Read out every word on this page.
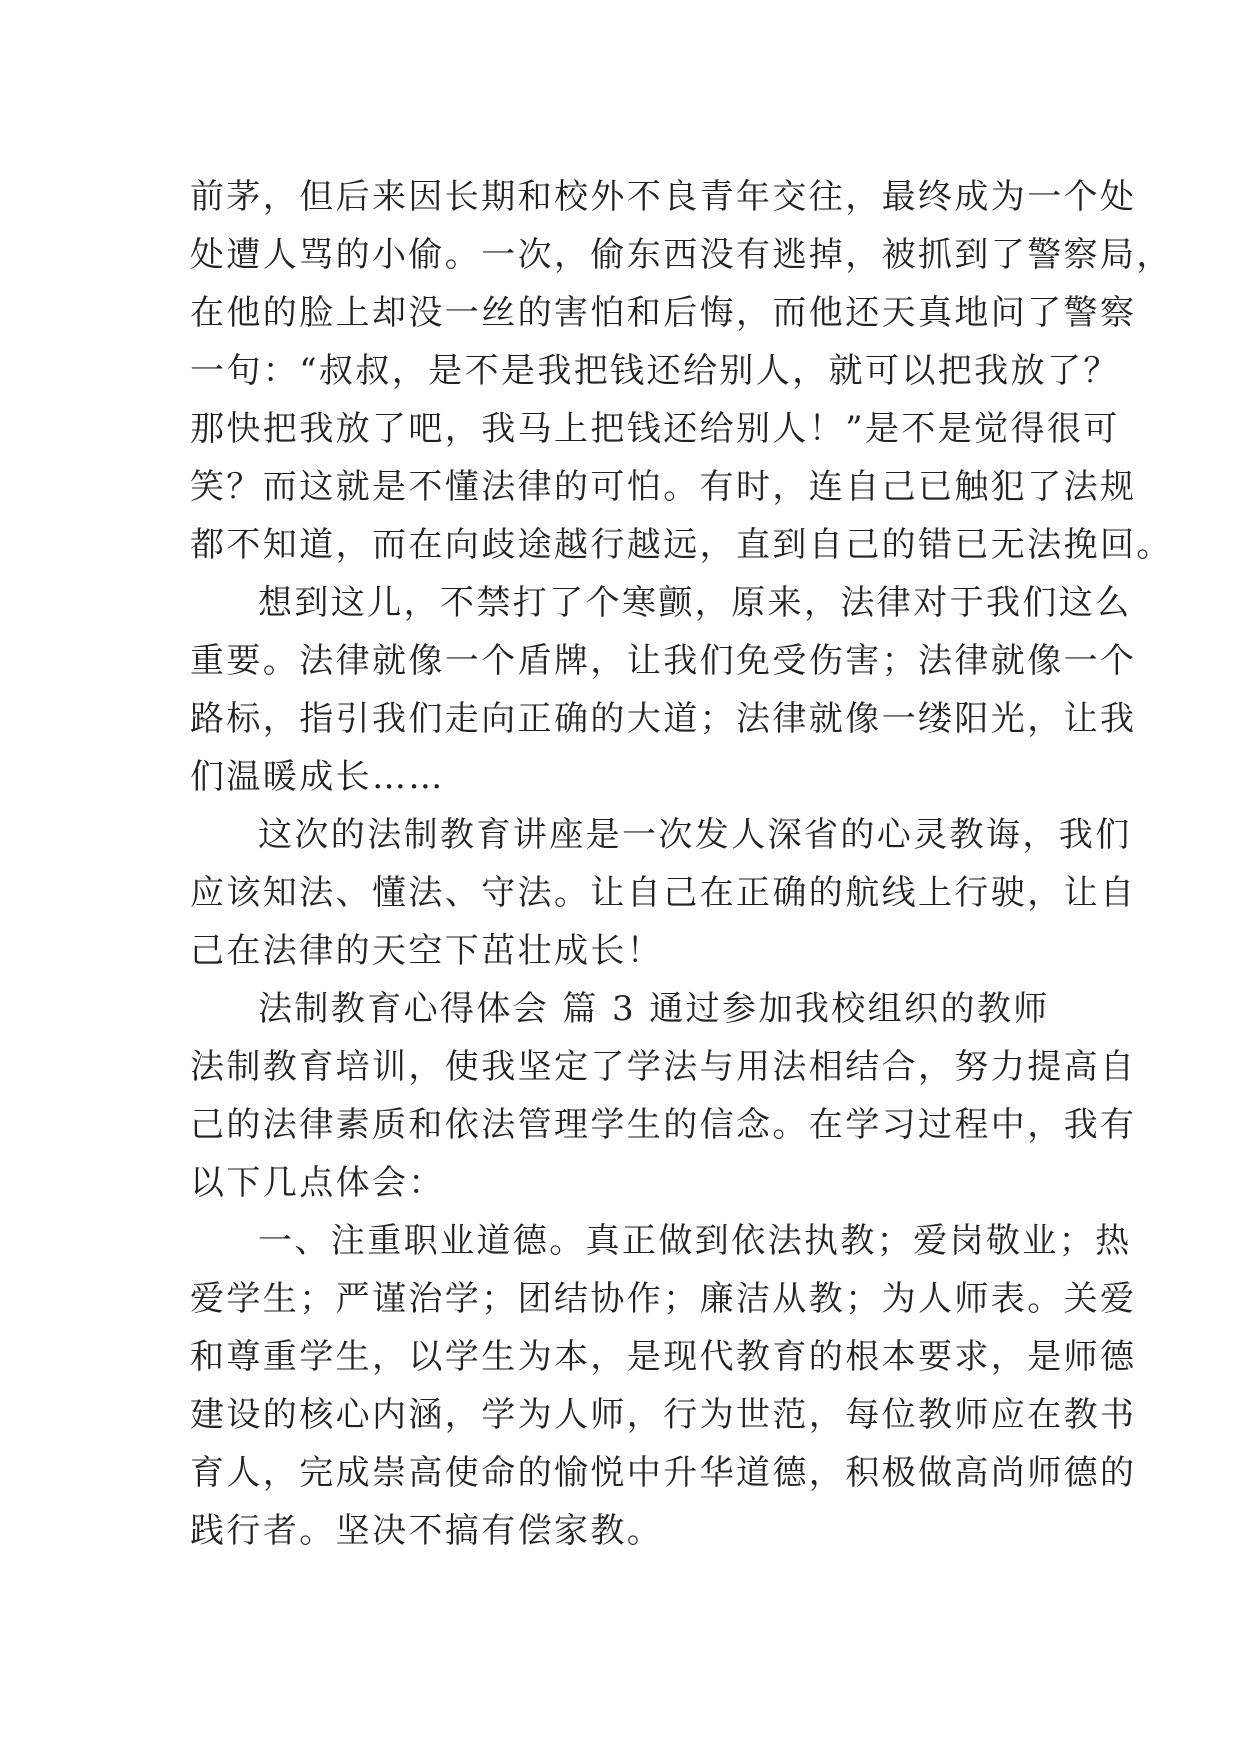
前茅，但后来因长期和校外不良青年交往，最终成为一个处
处遭人骂的小偷。一次，偷东西没有逃掉，被抓到了警察局，
在他的脸上却没一丝的害怕和后悔，而他还天真地问了警察
一句：“叔叔，是不是我把钱还给别人，就可以把我放了？
那快把我放了吧，我马上把钱还给别人！”是不是觉得很可
笑？而这就是不懂法律的可怕。有时，连自己已触犯了法规
都不知道，而在向歧途越行越远，直到自己的错已无法挽回。
想到这儿，不禁打了个寒颤，原来，法律对于我们这么
重要。法律就像一个盾牌，让我们免受伤害；法律就像一个
路标，指引我们走向正确的大道；法律就像一缕阳光，让我
们温暖成长……
这次的法制教育讲座是一次发人深省的心灵教诲，我们
应该知法、懂法、守法。让自己在正确的航线上行驶，让自
己在法律的天空下茁壮成长！
法制教育心得体会 篇 3 通过参加我校组织的教师
法制教育培训，使我坚定了学法与用法相结合，努力提高自
己的法律素质和依法管理学生的信念。在学习过程中，我有
以下几点体会：
一、注重职业道德。真正做到依法执教；爱岗敬业；热
爱学生；严谨治学；团结协作；廉洁从教；为人师表。关爱
和尊重学生，以学生为本，是现代教育的根本要求，是师德
建设的核心内涵，学为人师，行为世范，每位教师应在教书
育人，完成崇高使命的愉悦中升华道德，积极做高尚师德的
践行者。坚决不搞有偿家教。
